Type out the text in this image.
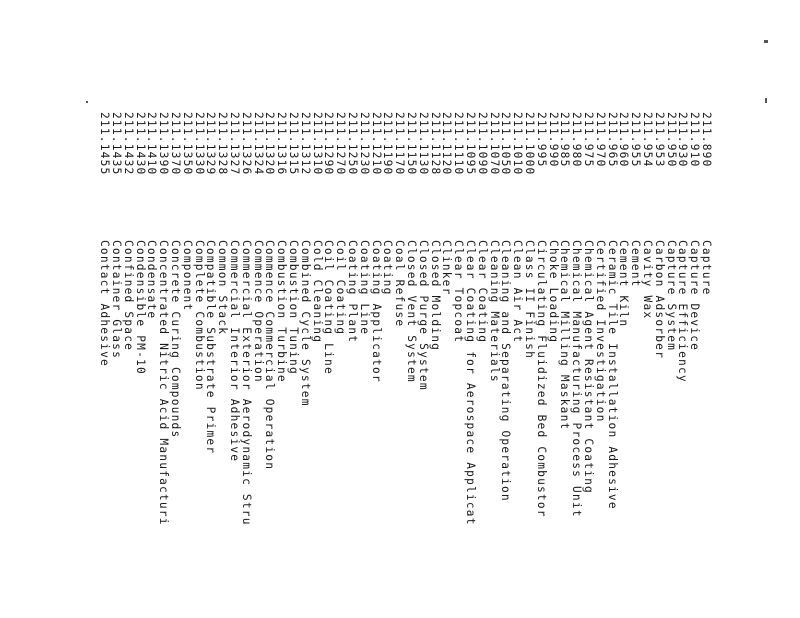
211.890
Capture
211.910
Capture Device
211.930
Capture Efficiency
211.950
Capture System
211.953
Carbon Adsorber
211.954
Cavity Wax
211.955
Cement
211.960
Cement Kiln
211.965
Ceramic Tile Installation Adhesive
211.970
Certified Investigation
211.975
Chemical Agent Resistant Coating
211.980
Chemical Manufacturing Process Unit
211.985
Chemical Milling Maskant
211.990
Choke Loading
211.995
Circulating Fluidized Bed Combustor
211.1000
Class II Finish
211.1010
Clean Air Act
211.1050
Cleaning and Separating Operation
211.1070
Cleaning Materials
211.1090
Clear Coating
211.1095
Clear Coating for Aerospace Applicat
211.1110
Clear Topcoat
211.1120
Clinker
211.1128
Closed Molding
211.1130
Closed Purge System
211.1150
Closed Vent System
211.1170
Coal Refuse
211.1190
Coating
211.1210
Coating Applicator
211.1230
Coating Line
211.1250
Coating Plant
211.1270
Coil Coating
211.1290
Coil Coating Line
211.1310
Cold Cleaning
211.1312
Combined Cycle System
211.1315
Combustion Tuning
211.1316
Combustion Turbine
211.1320
Commence Commercial Operation
211.1324
Commence Operation
211.1326
Commercial Exterior Aerodynamic Stru
211.1327
Commercial Interior Adhesive
211.1328
Common Stack
211.1329
Compatible Substrate Primer
211.1330
Complete Combustion
211.1350
Component
211.1370
Concrete Curing Compounds
211.1390
Concentrated Nitric Acid Manufacturi
211.1410
Condensate
211.1430
Condensible PM-10
211.1432
Confined Space
211.1435
Container Glass
211.1455
Contact Adhesive
